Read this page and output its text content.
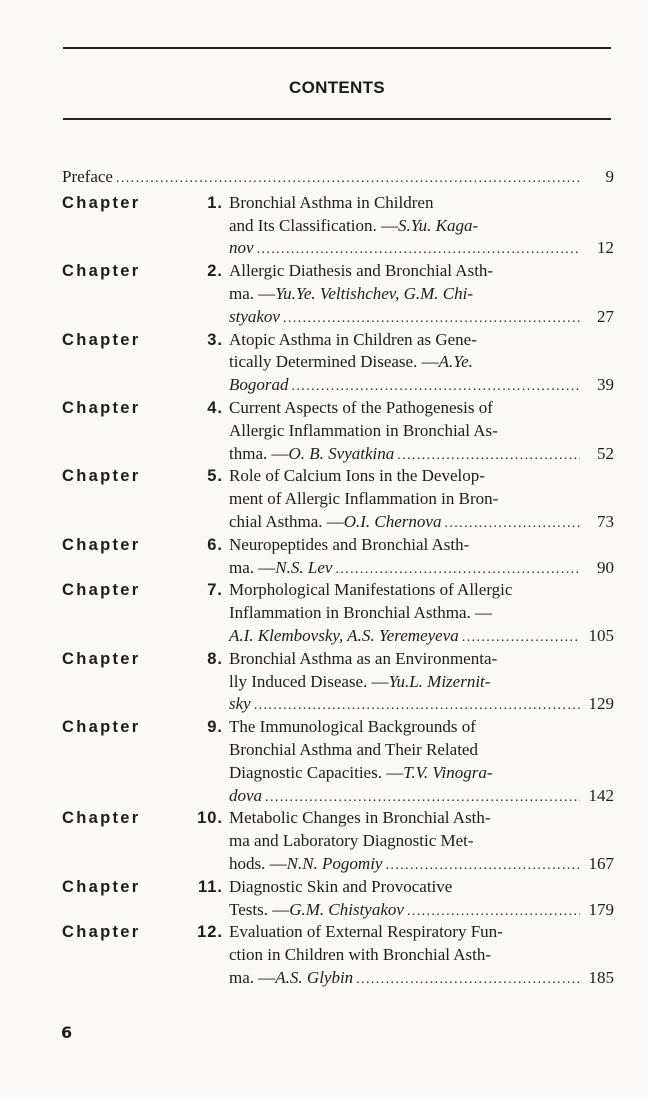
CONTENTS
Preface .....	9
Chapter	1. Bronchial Asthma in Children
and Its Classification. — S.Yu. Kaga-
nov .....	12
Chapter	2. Allergic Diathesis and Bronchial Asth-
ma. — Yu.Ye. Veltishchev, G.M. Chi-
styakov .....	27
Chapter	3. Atopic Asthma in Children as Gene-
tically Determined Disease. — A.Ye.
Bogorad .....	39
Chapter	4. Current Aspects of the Pathogenesis of
Allergic Inflammation in Bronchial As-
thma. — O. B. Svyatkina .....	52
Chapter	5. Role of Calcium Ions in the Develop-
ment of Allergic Inflammation in Bron-
chial Asthma. — O.I. Chernova .....	73
Chapter	6. Neuropeptides and Bronchial Asth-
ma. — N.S. Lev .....	90
Chapter	7. Morphological Manifestations of Allergic
Inflammation in Bronchial Asthma. —
A.I. Klembovsky, A.S. Yeremeyeva .....	105
Chapter	8. Bronchial Asthma as an Environmenta-
lly Induced Disease. — Yu.L. Mizernit-
sky .....	129
Chapter	9. The Immunological Backgrounds of
Bronchial Asthma and Their Related
Diagnostic Capacities. — T.V. Vinogra-
dova .....	142
Chapter	10. Metabolic Changes in Bronchial Asth-
ma and Laboratory Diagnostic Met-
hods. — N.N. Pogomiy .....	167
Chapter	11. Diagnostic Skin and Provocative
Tests. — G.M. Chistyakov .....	179
Chapter	12. Evaluation of External Respiratory Fun-
ction in Children with Bronchial Asth-
ma. — A.S. Glybin .....	185
6
